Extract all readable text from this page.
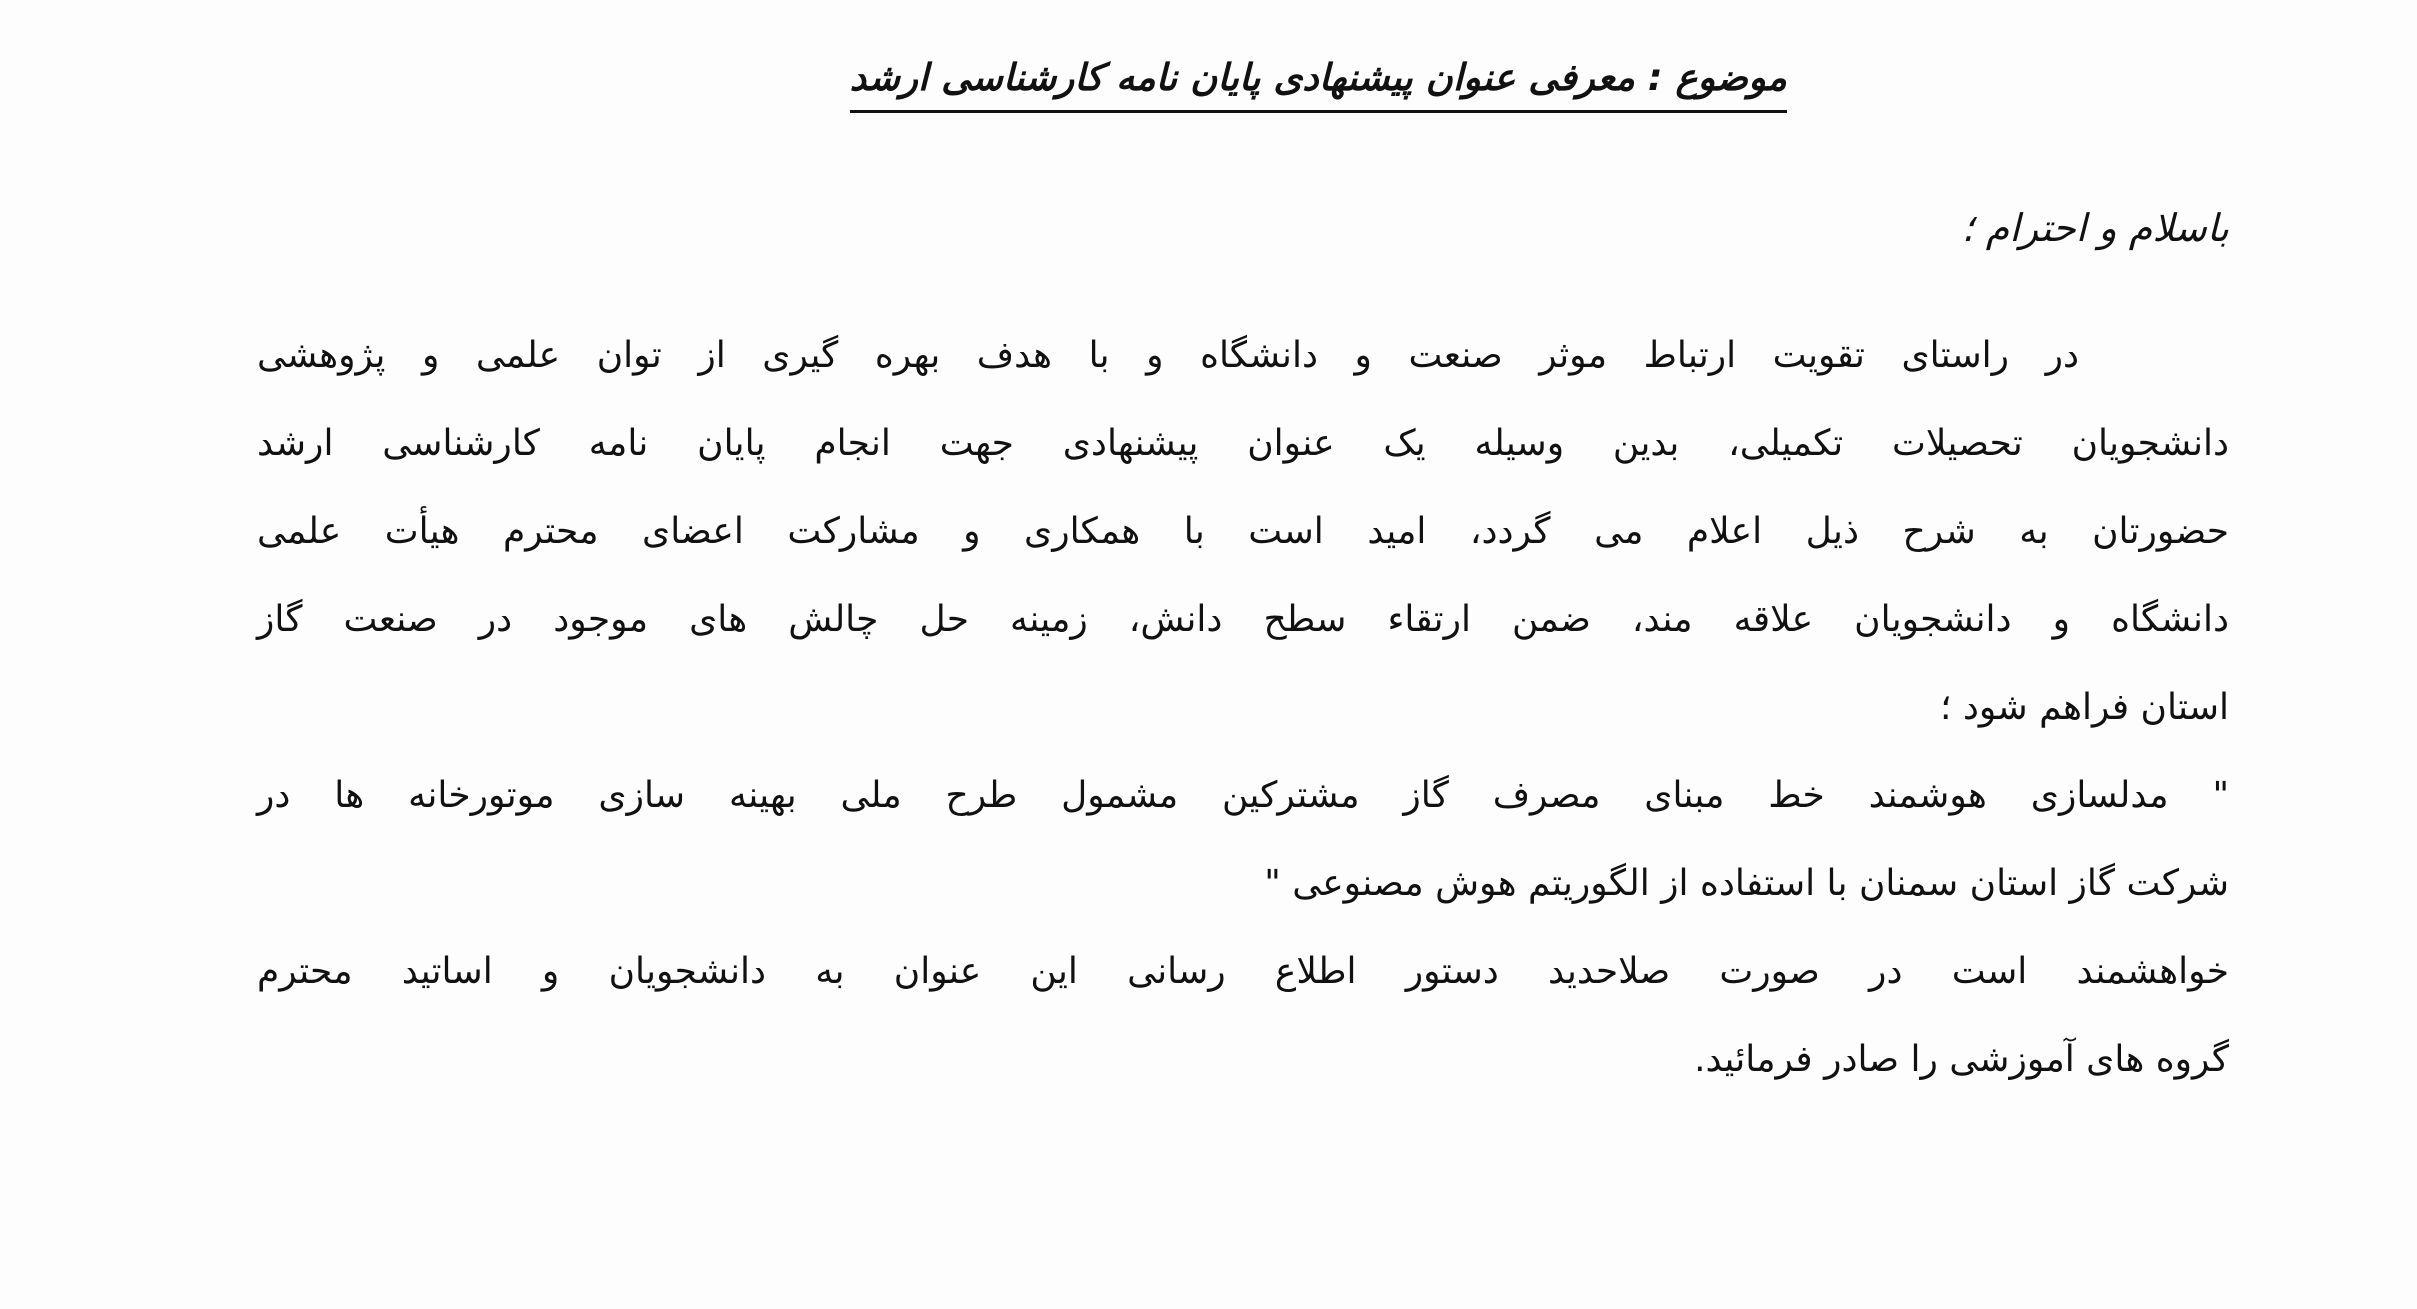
موضوع : معرفی عنوان پیشنهادی پایان نامه کارشناسی ارشد
باسلام و احترام ؛
در راستای تقویت ارتباط موثر صنعت و دانشگاه و با هدف بهره گیری از توان علمی و پژوهشی
دانشجویان تحصیلات تکمیلی، بدین وسیله یک عنوان پیشنهادی جهت انجام پایان نامه کارشناسی ارشد
حضورتان به شرح ذیل اعلام می گردد، امید است با همکاری و مشارکت اعضای محترم هیأت علمی
دانشگاه و دانشجویان علاقه مند، ضمن ارتقاء سطح دانش، زمینه حل چالش های موجود در صنعت گاز
استان فراهم شود ؛
" مدلسازی هوشمند خط مبنای مصرف گاز مشترکین مشمول طرح ملی بهینه سازی موتورخانه ها در
شرکت گاز استان سمنان با استفاده از الگوریتم هوش مصنوعی "
خواهشمند است در صورت صلاحدید دستور اطلاع رسانی این عنوان به دانشجویان و اساتید محترم
گروه های آموزشی را صادر فرمائید.
